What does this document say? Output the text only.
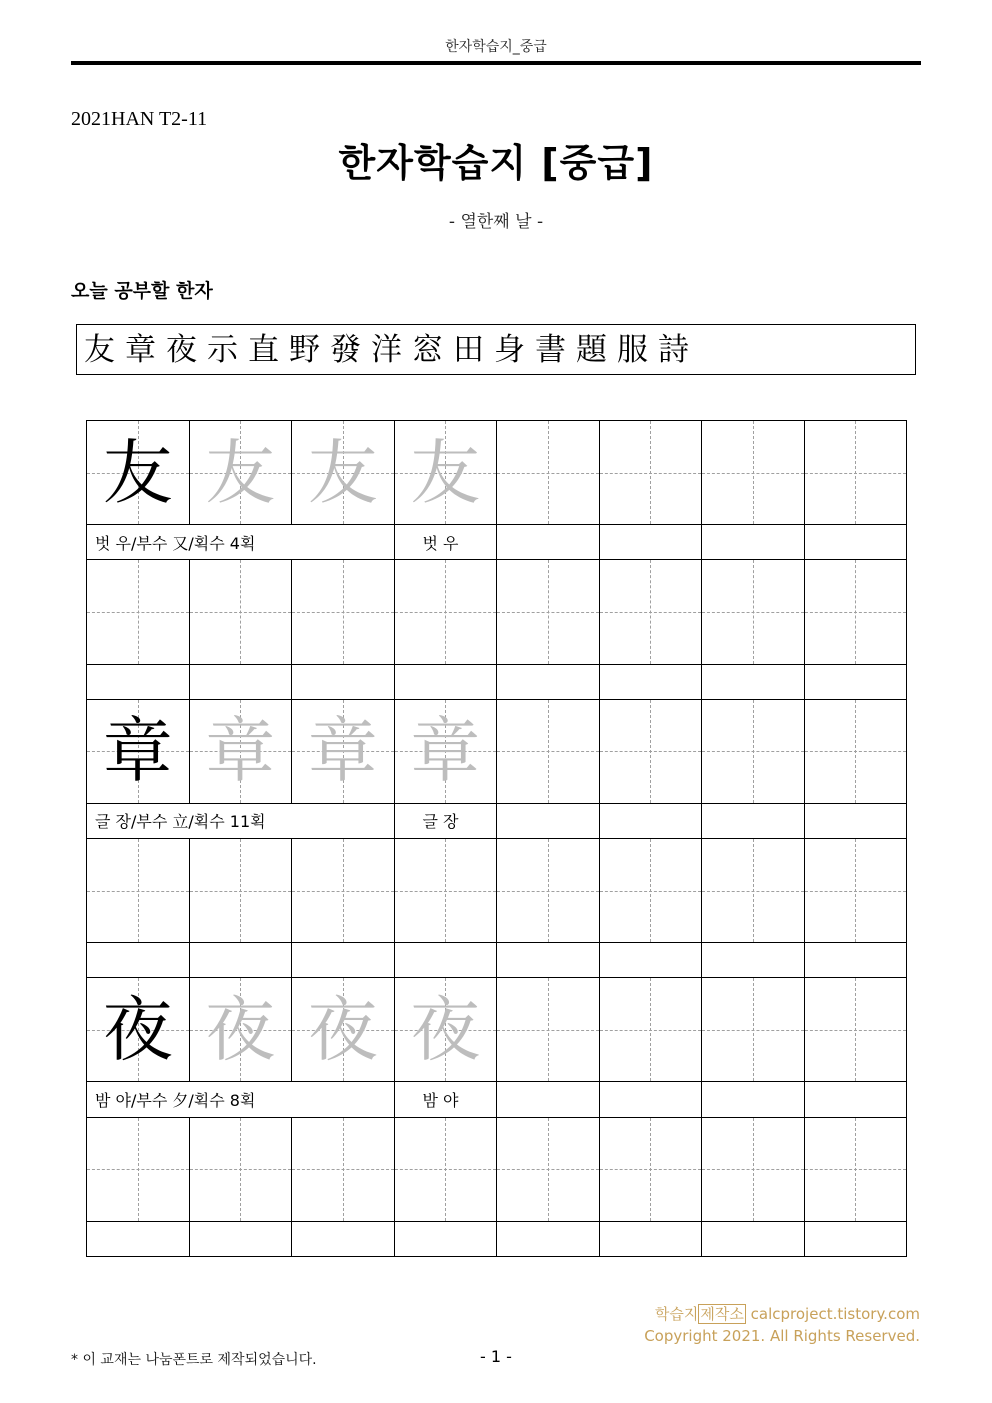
한자학습지_중급
2021HAN T2-11
한자학습지 [중급]
- 열한째 날 -
오늘 공부할 한자
友章夜示直野發洋窓田身書題服詩
友	友	友	友				

벗 우/부수 又/획수 4획			벗 우				

章	章	章	章				

글 장/부수 立/획수 11획			글 장				

夜	夜	夜	夜				

밤 야/부수 夕/획수 8획			밤 야				

학습지 제작소 calcproject.tistory.com
Copyright 2021. All Rights Reserved.
* 이 교재는 나눔폰트로 제작되었습니다.	- 1 -
